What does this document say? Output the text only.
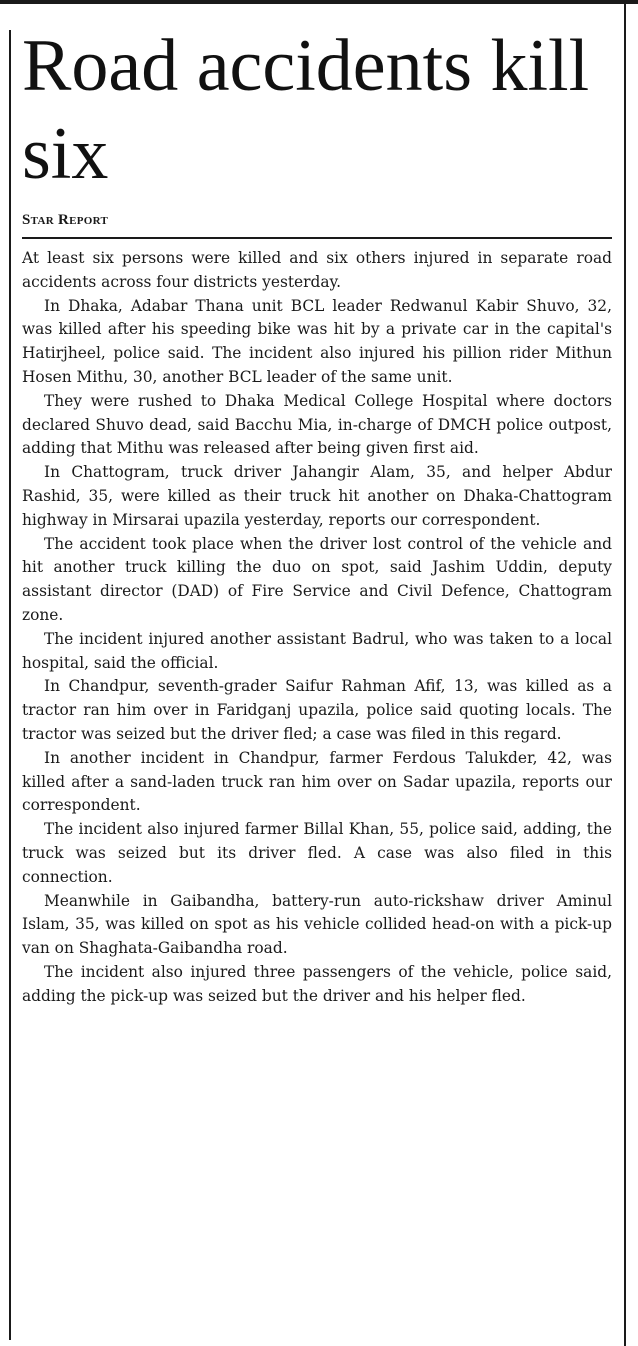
Road accidents kill six
Star Report

At least six persons were killed and six others injured in separate road accidents across four districts yesterday.

In Dhaka, Adabar Thana unit BCL leader Redwanul Kabir Shuvo, 32, was killed after his speeding bike was hit by a private car in the capital's Hatirjheel, police said. The incident also injured his pillion rider Mithun Hosen Mithu, 30, another BCL leader of the same unit.

They were rushed to Dhaka Medical College Hospital where doctors declared Shuvo dead, said Bacchu Mia, in-charge of DMCH police outpost, adding that Mithu was released after being given first aid.

In Chattogram, truck driver Jahangir Alam, 35, and helper Abdur Rashid, 35, were killed as their truck hit another on Dhaka-Chattogram highway in Mirsarai upazila yesterday, reports our correspondent.

The accident took place when the driver lost control of the vehicle and hit another truck killing the duo on spot, said Jashim Uddin, deputy assistant director (DAD) of Fire Service and Civil Defence, Chattogram zone.

The incident injured another assistant Badrul, who was taken to a local hospital, said the official.

In Chandpur, seventh-grader Saifur Rahman Afif, 13, was killed as a tractor ran him over in Faridganj upazila, police said quoting locals. The tractor was seized but the driver fled; a case was filed in this regard.

In another incident in Chandpur, farmer Ferdous Talukder, 42, was killed after a sand-laden truck ran him over on Sadar upazila, reports our correspondent.

The incident also injured farmer Billal Khan, 55, police said, adding, the truck was seized but its driver fled. A case was also filed in this connection.

Meanwhile in Gaibandha, battery-run auto-rickshaw driver Aminul Islam, 35, was killed on spot as his vehicle collided head-on with a pick-up van on Shaghata-Gaibandha road.

The incident also injured three passengers of the vehicle, police said, adding the pick-up was seized but the driver and his helper fled.
